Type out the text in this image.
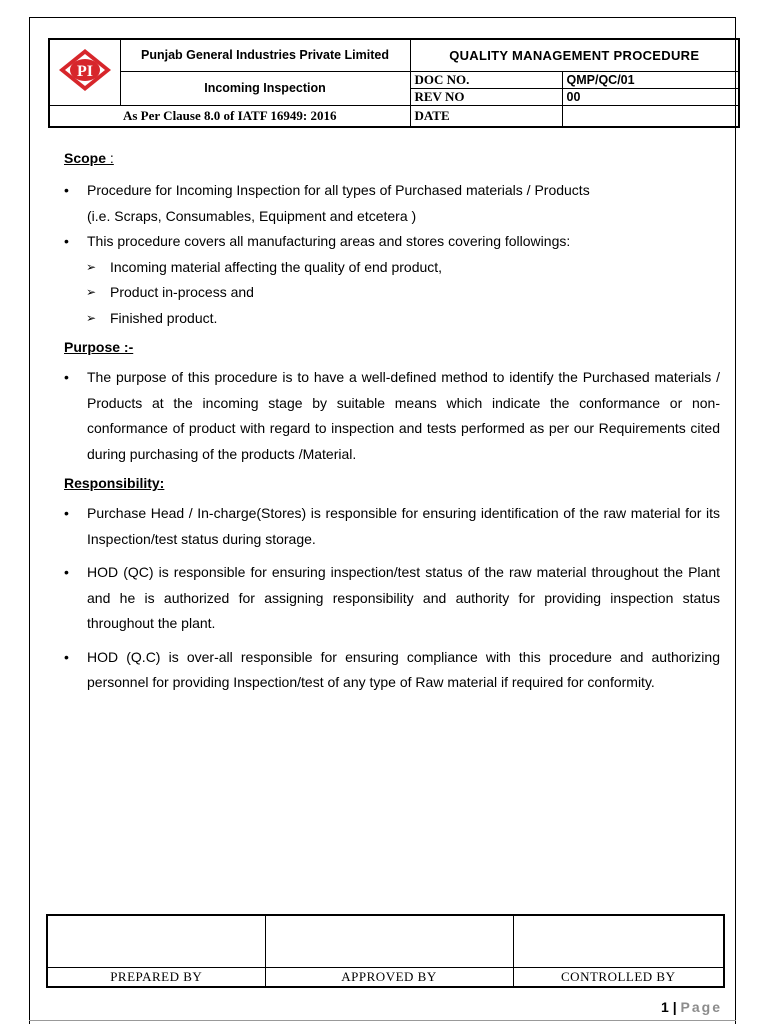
PI	Punjab General Industries Private Limited	QUALITY MANAGEMENT PROCEDURE	
	Incoming Inspection	DOC NO.	QMP/QC/01
		REV NO	00
As Per Clause 8.0 of IATF 16949: 2016		DATE	
Scope :
• Procedure for Incoming Inspection for all types of Purchased materials / Products
(i.e. Scraps, Consumables, Equipment and etcetera )
• This procedure covers all manufacturing areas and stores covering followings:
➢ Incoming material affecting the quality of end product,
➢ Product in-process and
➢ Finished product.
Purpose :-
• The purpose of this procedure is to have a well-defined method to identify the Purchased materials / Products at the incoming stage by suitable means which indicate the conformance or non-conformance of product with regard to inspection and tests performed as per our Requirements cited during purchasing of the products /Material.
Responsibility:
• Purchase Head / In-charge(Stores) is responsible for ensuring identification of the raw material for its Inspection/test status during storage.
• HOD (QC) is responsible for ensuring inspection/test status of the raw material throughout the Plant and he is authorized for assigning responsibility and authority for providing inspection status throughout the plant.
• HOD (Q.C) is over-all responsible for ensuring compliance with this procedure and authorizing personnel for providing Inspection/test of any type of Raw material if required for conformity.

PREPARED BY	APPROVED BY	CONTROLLED BY
1 | Page
